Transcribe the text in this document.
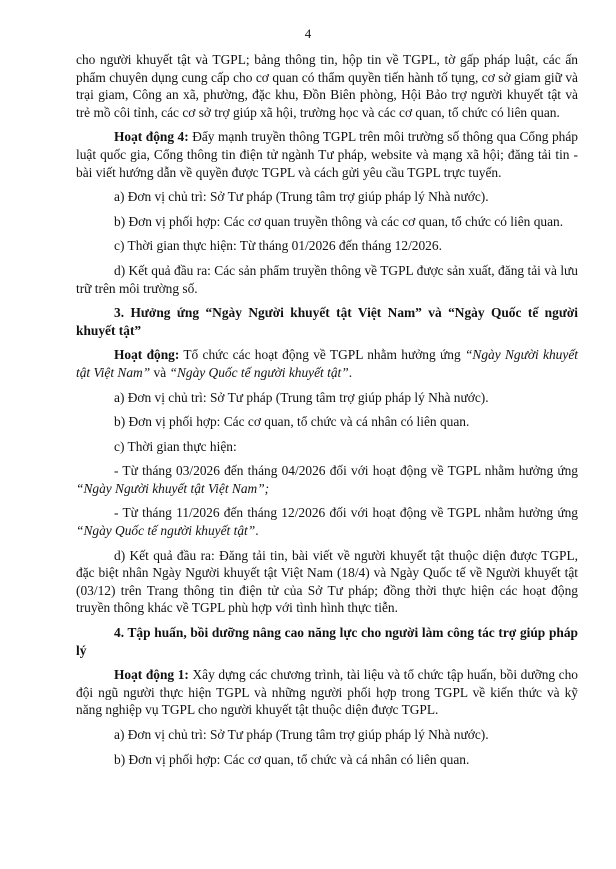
4

cho người khuyết tật và TGPL; bảng thông tin, hộp tin về TGPL, tờ gấp pháp luật, các ấn phẩm chuyên dụng cung cấp cho cơ quan có thẩm quyền tiến hành tố tụng, cơ sở giam giữ và trại giam, Công an xã, phường, đặc khu, Đồn Biên phòng, Hội Bảo trợ người khuyết tật và trẻ mồ côi tỉnh, các cơ sở trợ giúp xã hội, trường học và các cơ quan, tổ chức có liên quan.

Hoạt động 4: Đẩy mạnh truyền thông TGPL trên môi trường số thông qua Cổng pháp luật quốc gia, Cổng thông tin điện tử ngành Tư pháp, website và mạng xã hội; đăng tải tin - bài viết hướng dẫn về quyền được TGPL và cách gửi yêu cầu TGPL trực tuyến.

a) Đơn vị chủ trì: Sở Tư pháp (Trung tâm trợ giúp pháp lý Nhà nước).

b) Đơn vị phối hợp: Các cơ quan truyền thông và các cơ quan, tổ chức có liên quan.

c) Thời gian thực hiện: Từ tháng 01/2026 đến tháng 12/2026.

d) Kết quả đầu ra: Các sản phẩm truyền thông về TGPL được sản xuất, đăng tải và lưu trữ trên môi trường số.

3. Hưởng ứng “Ngày Người khuyết tật Việt Nam” và “Ngày Quốc tế người khuyết tật”

Hoạt động: Tổ chức các hoạt động về TGPL nhằm hưởng ứng “Ngày Người khuyết tật Việt Nam” và “Ngày Quốc tế người khuyết tật”.

a) Đơn vị chủ trì: Sở Tư pháp (Trung tâm trợ giúp pháp lý Nhà nước).

b) Đơn vị phối hợp: Các cơ quan, tổ chức và cá nhân có liên quan.

c) Thời gian thực hiện:

- Từ tháng 03/2026 đến tháng 04/2026 đối với hoạt động về TGPL nhằm hưởng ứng “Ngày Người khuyết tật Việt Nam”;

- Từ tháng 11/2026 đến tháng 12/2026 đối với hoạt động về TGPL nhằm hưởng ứng “Ngày Quốc tế người khuyết tật”.

d) Kết quả đầu ra: Đăng tải tin, bài viết về người khuyết tật thuộc diện được TGPL, đặc biệt nhân Ngày Người khuyết tật Việt Nam (18/4) và Ngày Quốc tế về Người khuyết tật (03/12) trên Trang thông tin điện tử của Sở Tư pháp; đồng thời thực hiện các hoạt động truyền thông khác về TGPL phù hợp với tình hình thực tiễn.

4. Tập huấn, bồi dưỡng nâng cao năng lực cho người làm công tác trợ giúp pháp lý

Hoạt động 1: Xây dựng các chương trình, tài liệu và tổ chức tập huấn, bồi dưỡng cho đội ngũ người thực hiện TGPL và những người phối hợp trong TGPL về kiến thức và kỹ năng nghiệp vụ TGPL cho người khuyết tật thuộc diện được TGPL.

a) Đơn vị chủ trì: Sở Tư pháp (Trung tâm trợ giúp pháp lý Nhà nước).

b) Đơn vị phối hợp: Các cơ quan, tổ chức và cá nhân có liên quan.
